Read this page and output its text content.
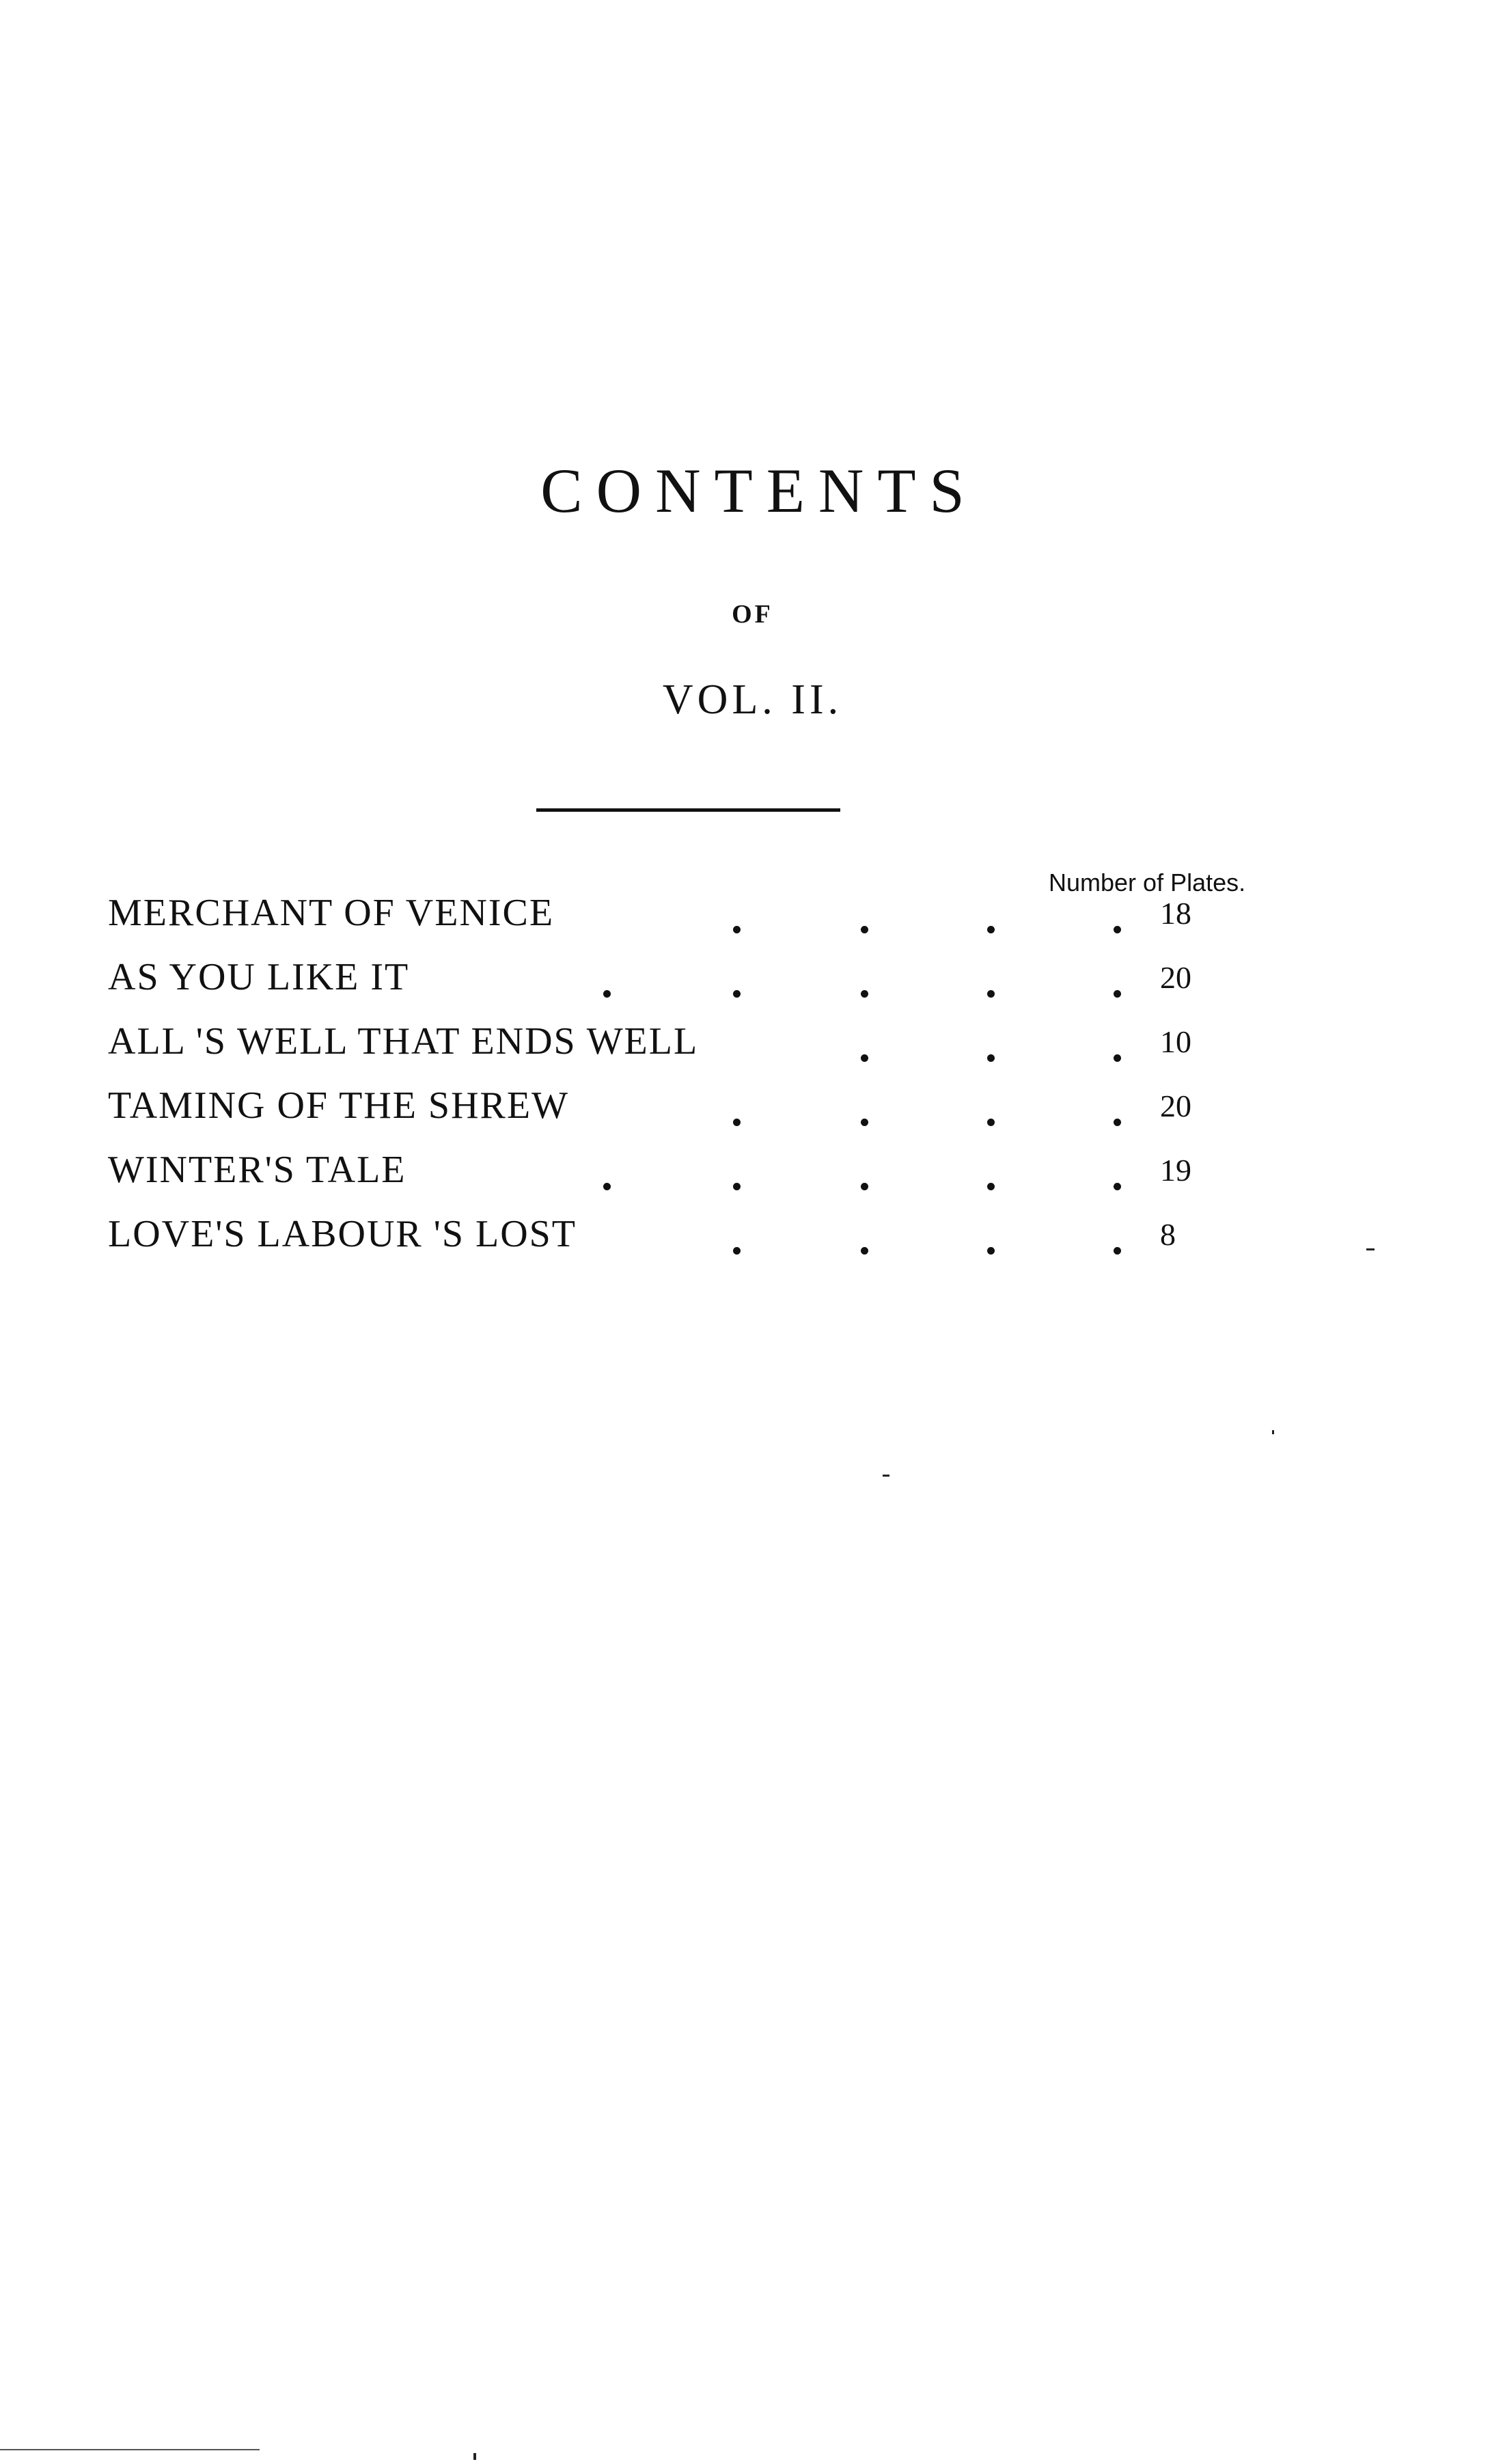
CONTENTS
OF
VOL. II.
Number of Plates.
MERCHANT OF VENICE	18
AS YOU LIKE IT	20
ALL 'S WELL THAT ENDS WELL	10
TAMING OF THE SHREW	20
WINTER'S TALE	19
LOVE'S LABOUR 'S LOST	8
